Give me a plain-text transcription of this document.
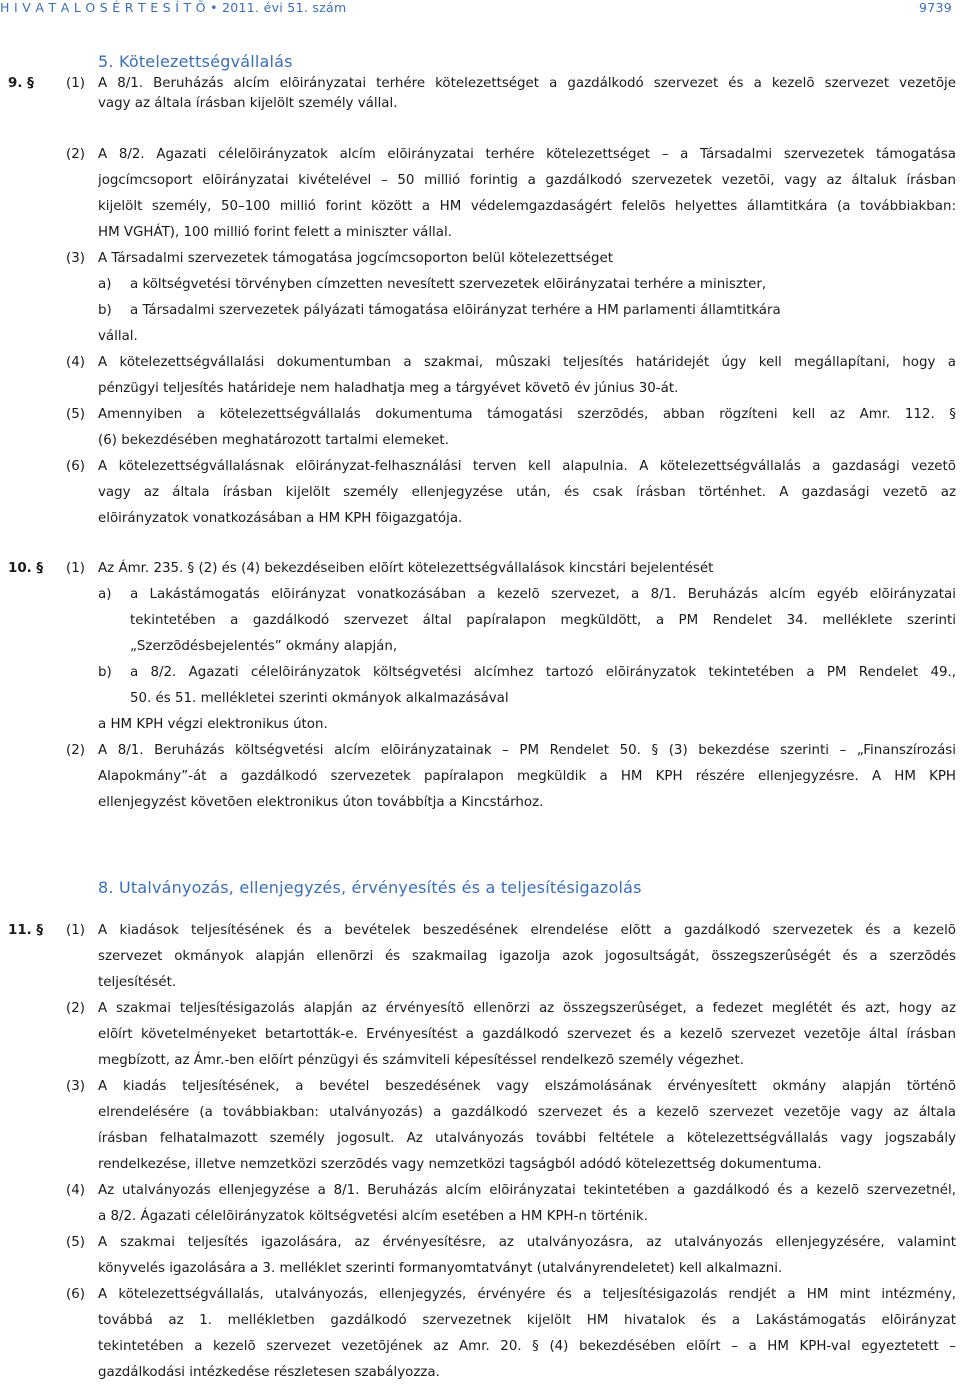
H I V A T A L O S É R T E S Í T Õ • 2011. évi 51. szám	9739
5. Kötelezettségvállalás
8. Utalványozás, ellenjegyzés, érvényesítés és a teljesítésigazolás
9. § (1) A 8/1. Beruházás alcím elõirányzatai terhére kötelezettséget a gazdálkodó szervezet és a kezelõ szervezet vezetõje
vagy az általa írásban kijelölt személy vállal.
(2) A 8/2. Ágazati célelõirányzatok alcím elõirányzatai terhére kötelezettséget – a Társadalmi szervezetek támogatása
jogcímcsoport elõirányzatai kivételével – 50 millió forintig a gazdálkodó szervezetek vezetõi, vagy az általuk írásban
kijelölt személy, 50–100 millió forint között a HM védelemgazdaságért felelõs helyettes államtitkára (a továbbiakban:
HM VGHÁT), 100 millió forint felett a miniszter vállal.
(3) A Társadalmi szervezetek támogatása jogcímcsoporton belül kötelezettséget
a) a költségvetési törvényben címzetten nevesített szervezetek elõirányzatai terhére a miniszter,
b) a Társadalmi szervezetek pályázati támogatása elõirányzat terhére a HM parlamenti államtitkára
vállal.
(4) A kötelezettségvállalási dokumentumban a szakmai, mûszaki teljesítés határidejét úgy kell megállapítani, hogy a
pénzügyi teljesítés határideje nem haladhatja meg a tárgyévet követõ év június 30-át.
(5) Amennyiben a kötelezettségvállalás dokumentuma támogatási szerzõdés, abban rögzíteni kell az Ámr. 112. §
(6) bekezdésében meghatározott tartalmi elemeket.
(6) A kötelezettségvállalásnak elõirányzat-felhasználási terven kell alapulnia. A kötelezettségvállalás a gazdasági vezetõ
vagy az általa írásban kijelölt személy ellenjegyzése után, és csak írásban történhet. A gazdasági vezetõ az
elõirányzatok vonatkozásában a HM KPH fõigazgatója.
10. § (1) Az Ámr. 235. § (2) és (4) bekezdéseiben elõírt kötelezettségvállalások kincstári bejelentését
a) a Lakástámogatás elõirányzat vonatkozásában a kezelõ szervezet, a 8/1. Beruházás alcím egyéb elõirányzatai
tekintetében a gazdálkodó szervezet által papíralapon megküldött, a PM Rendelet 34. melléklete szerinti
„Szerzõdésbejelentés” okmány alapján,
b) a 8/2. Ágazati célelõirányzatok költségvetési alcímhez tartozó elõirányzatok tekintetében a PM Rendelet 49.,
50. és 51. mellékletei szerinti okmányok alkalmazásával
a HM KPH végzi elektronikus úton.
(2) A 8/1. Beruházás költségvetési alcím elõirányzatainak – PM Rendelet 50. § (3) bekezdése szerinti – „Finanszírozási
Alapokmány”-át a gazdálkodó szervezetek papíralapon megküldik a HM KPH részére ellenjegyzésre. A HM KPH
ellenjegyzést követõen elektronikus úton továbbítja a Kincstárhoz.
11. § (1) A kiadások teljesítésének és a bevételek beszedésének elrendelése elõtt a gazdálkodó szervezetek és a kezelõ
szervezet okmányok alapján ellenõrzi és szakmailag igazolja azok jogosultságát, összegszerûségét és a szerzõdés
teljesítését.
(2) A szakmai teljesítésigazolás alapján az érvényesítõ ellenõrzi az összegszerûséget, a fedezet meglétét és azt, hogy az
elõírt követelményeket betartották-e. Érvényesítést a gazdálkodó szervezet és a kezelõ szervezet vezetõje által írásban
megbízott, az Ámr.-ben elõírt pénzügyi és számviteli képesítéssel rendelkezõ személy végezhet.
(3) A kiadás teljesítésének, a bevétel beszedésének vagy elszámolásának érvényesített okmány alapján történõ
elrendelésére (a továbbiakban: utalványozás) a gazdálkodó szervezet és a kezelõ szervezet vezetõje vagy az általa
írásban felhatalmazott személy jogosult. Az utalványozás további feltétele a kötelezettségvállalás vagy jogszabály
rendelkezése, illetve nemzetközi szerzõdés vagy nemzetközi tagságból adódó kötelezettség dokumentuma.
(4) Az utalványozás ellenjegyzése a 8/1. Beruházás alcím elõirányzatai tekintetében a gazdálkodó és a kezelõ szervezetnél,
a 8/2. Ágazati célelõirányzatok költségvetési alcím esetében a HM KPH-n történik.
(5) A szakmai teljesítés igazolására, az érvényesítésre, az utalványozásra, az utalványozás ellenjegyzésére, valamint
könyvelés igazolására a 3. melléklet szerinti formanyomtatványt (utalványrendeletet) kell alkalmazni.
(6) A kötelezettségvállalás, utalványozás, ellenjegyzés, érvényére és a teljesítésigazolás rendjét a HM mint intézmény,
továbbá az 1. mellékletben gazdálkodó szervezetnek kijelölt HM hivatalok és a Lakástámogatás elõirányzat
tekintetében a kezelõ szervezet vezetõjének az Ámr. 20. § (4) bekezdésében elõírt – a HM KPH-val egyeztetett –
gazdálkodási intézkedése részletesen szabályozza.
